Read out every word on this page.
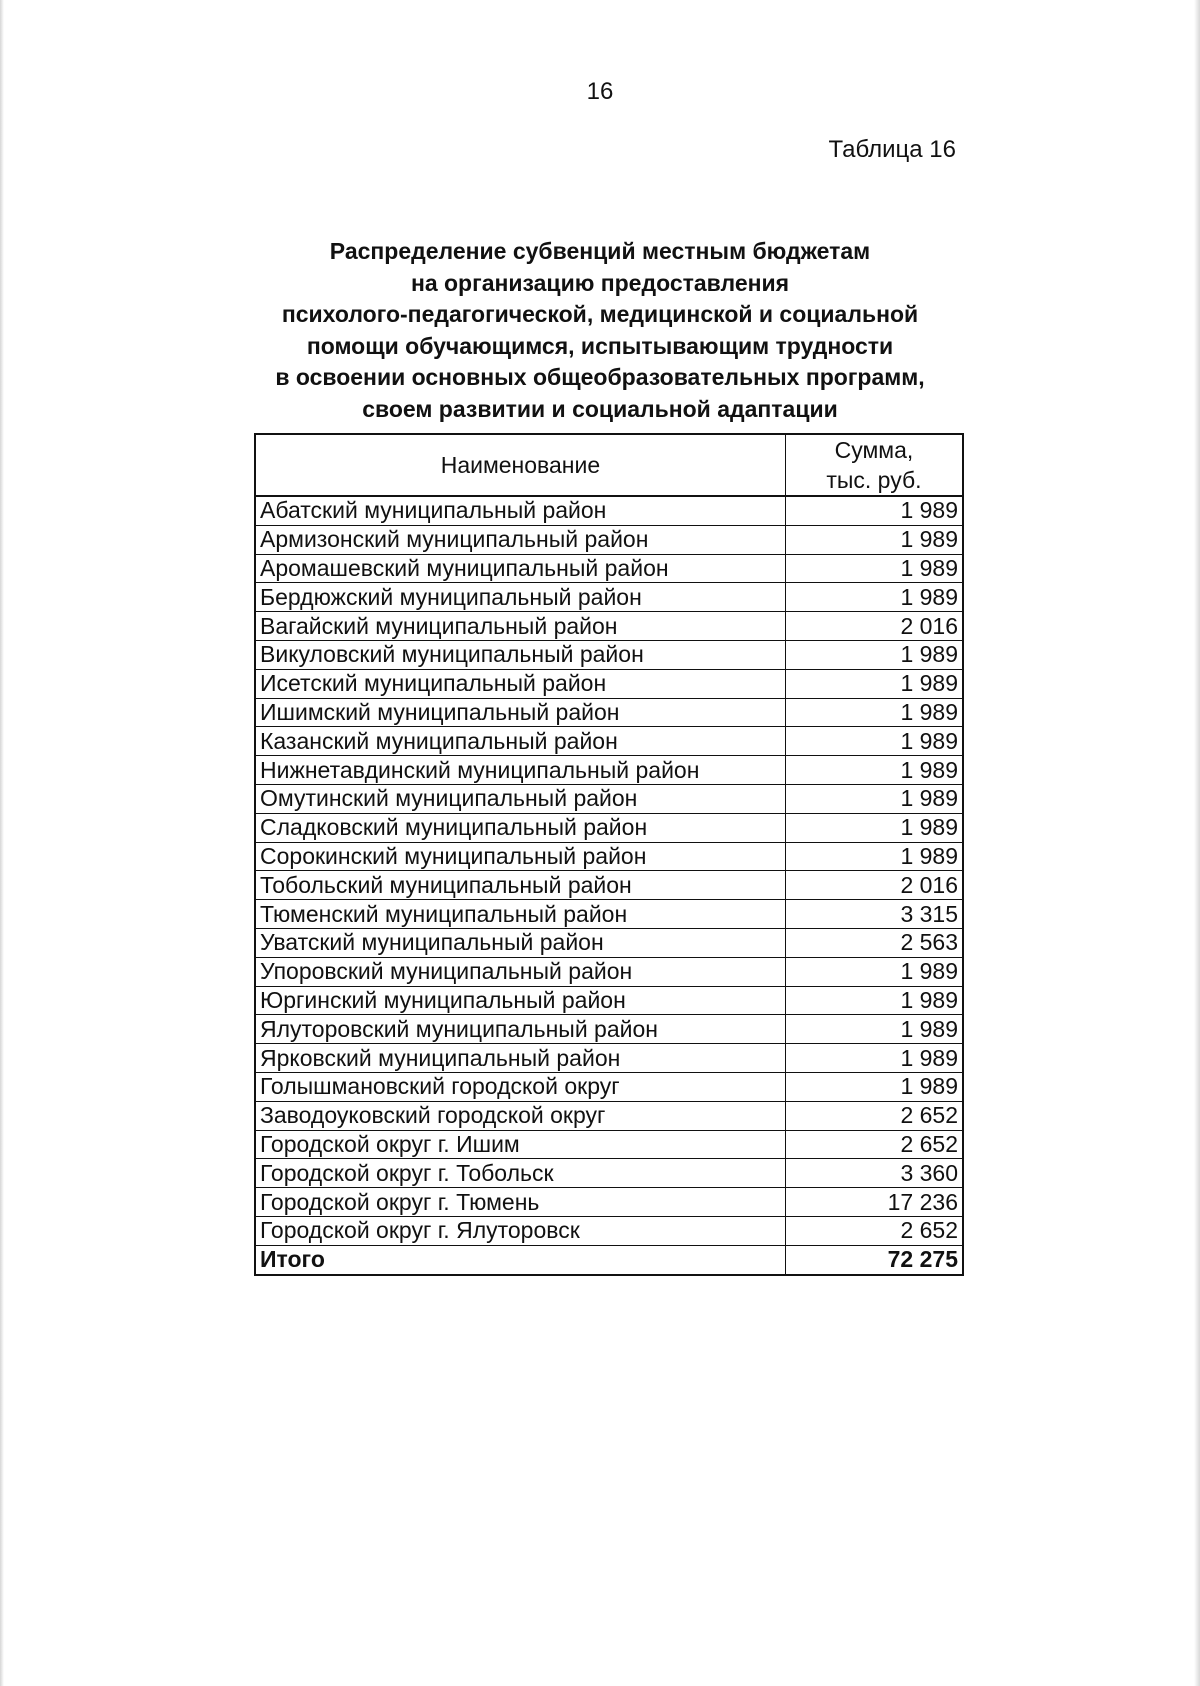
16
Таблица 16
Распределение субвенций местным бюджетам
на организацию предоставления
психолого-педагогической, медицинской и социальной
помощи обучающимся, испытывающим трудности
в освоении основных общеобразовательных программ,
своем развитии и социальной адаптации
Наименование	Сумма,
тыс. руб.

Абатский муниципальный район	1 989
Армизонский муниципальный район	1 989
Аромашевский муниципальный район	1 989
Бердюжский муниципальный район	1 989
Вагайский муниципальный район	2 016
Викуловский муниципальный район	1 989
Исетский муниципальный район	1 989
Ишимский муниципальный район	1 989
Казанский муниципальный район	1 989
Нижнетавдинский муниципальный район	1 989
Омутинский муниципальный район	1 989
Сладковский муниципальный район	1 989
Сорокинский муниципальный район	1 989
Тобольский муниципальный район	2 016
Тюменский муниципальный район	3 315
Уватский муниципальный район	2 563
Упоровский муниципальный район	1 989
Юргинский муниципальный район	1 989
Ялуторовский муниципальный район	1 989
Ярковский муниципальный район	1 989
Голышмановский городской округ	1 989
Заводоуковский городской округ	2 652
Городской округ г. Ишим	2 652
Городской округ г. Тобольск	3 360
Городской округ г. Тюмень	17 236
Городской округ г. Ялуторовск	2 652
Итого	72 275
